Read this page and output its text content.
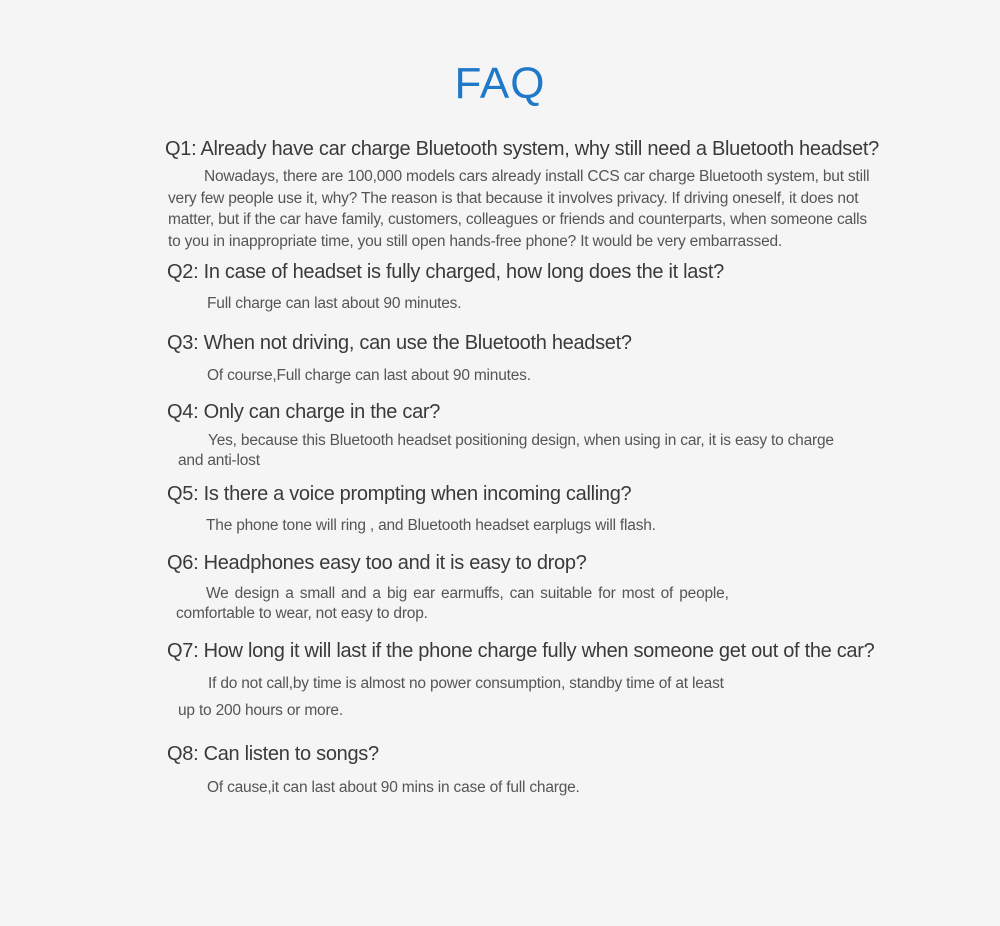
FAQ
Q1: Already have car charge Bluetooth system, why still need a Bluetooth headset?
Nowadays, there are 100,000 models cars already install CCS car charge Bluetooth system, but still
very few people use it, why? The reason is that because it involves privacy. If driving oneself, it does not
matter, but if the car have family, customers, colleagues or friends and counterparts, when someone calls
to you in inappropriate time, you still open hands-free phone? It would be very embarrassed.
Q2: In case of headset is fully charged, how long does the it last?
Full charge can last about 90 minutes.
Q3: When not driving, can use the Bluetooth headset?
Of course,Full charge can last about 90 minutes.
Q4: Only can charge in the car?
Yes, because this Bluetooth headset positioning design, when using in car, it is easy to charge
and anti-lost
Q5: Is there a voice prompting when incoming calling?
The phone tone will ring , and Bluetooth headset earplugs will flash.
Q6: Headphones easy too and it is easy to drop?
We design a small and a big ear earmuffs, can suitable for most of people,
comfortable to wear, not easy to drop.
Q7: How long it will last if the phone charge fully when someone get out of the car?
If do not call,by time is almost no power consumption, standby time of at least
up to 200 hours or more.
Q8: Can listen to songs?
Of cause,it can last about 90 mins in case of full charge.
